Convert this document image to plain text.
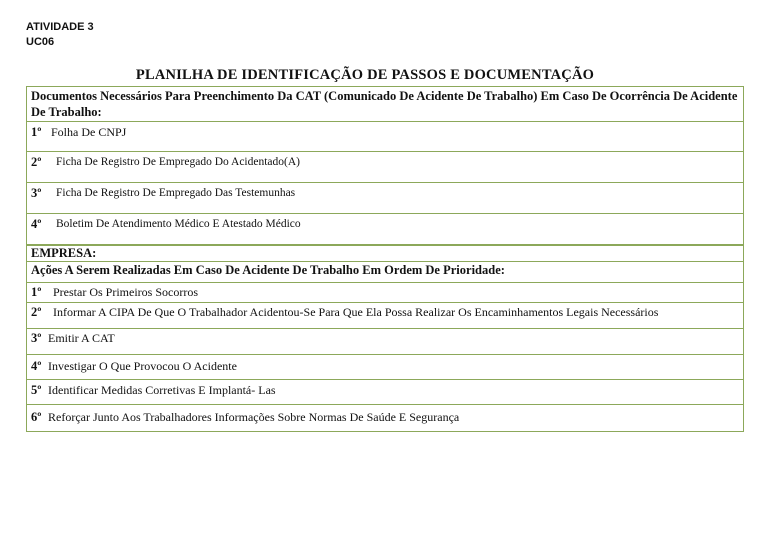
ATIVIDADE 3
UC06
PLANILHA DE IDENTIFICAÇÃO DE PASSOS E DOCUMENTAÇÃO
Documentos Necessários Para Preenchimento Da CAT (Comunicado De Acidente De Trabalho) Em Caso De Ocorrência De Acidente De Trabalho:
1º Folha De CNPJ
2º	Ficha De Registro De Empregado Do Acidentado(A)
3º	Ficha De Registro De Empregado Das Testemunhas
4º	Boletim De Atendimento Médico E Atestado Médico
EMPRESA:
Ações A Serem Realizadas Em Caso De Acidente De Trabalho Em Ordem De Prioridade:
1º Prestar Os Primeiros Socorros
2º Informar A CIPA De Que O Trabalhador Acidentou-Se Para Que Ela Possa Realizar Os Encaminhamentos Legais Necessários
3º Emitir A CAT
4º Investigar O Que Provocou O Acidente
5º Identificar Medidas Corretivas E Implantá- Las
6º Reforçar Junto Aos Trabalhadores Informações Sobre Normas De Saúde E Segurança
